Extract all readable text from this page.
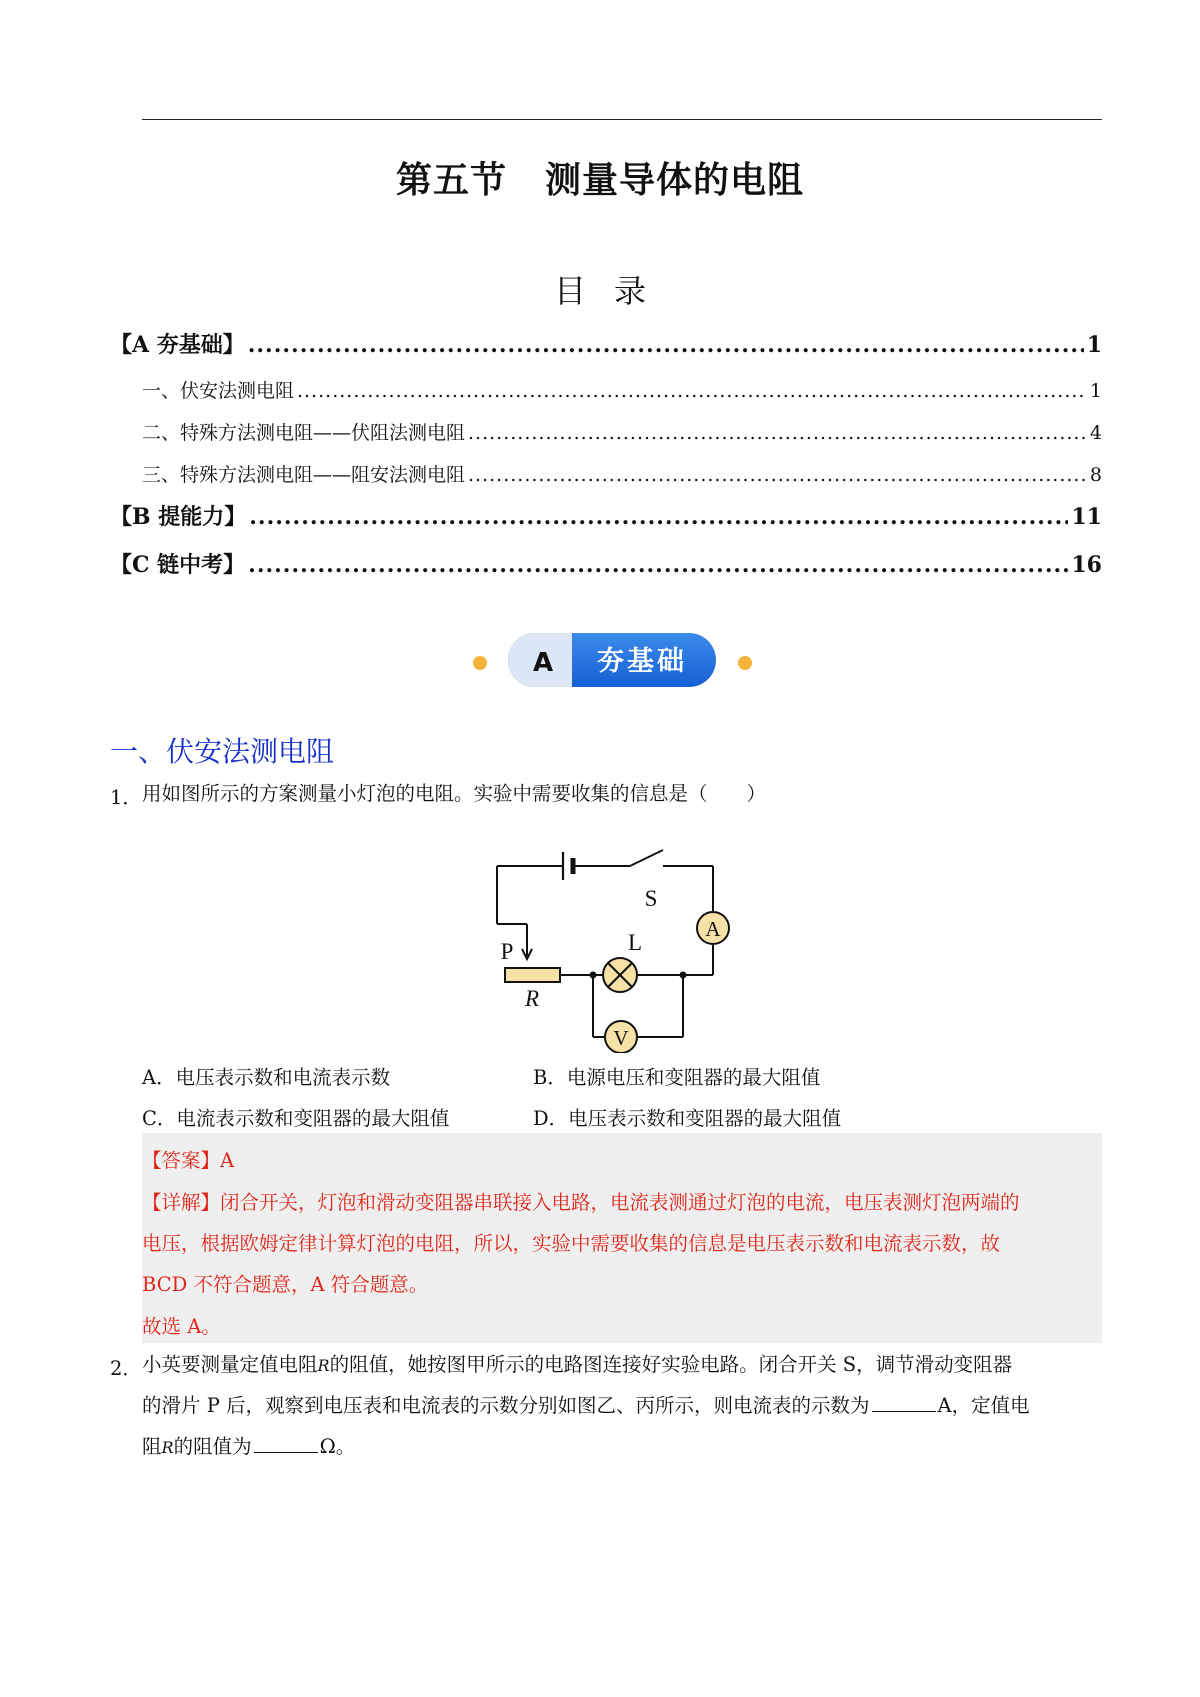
第五节 测量导体的电阻
目录
【A 夯基础】 .....	1
一、伏安法测电阻 .....	1
二、特殊方法测电阻——伏阻法测电阻 .....	4
三、特殊方法测电阻——阻安法测电阻 .....	8
【B 提能力】 .....	11
【C 链中考】 .....	16
A 夯基础
一、伏安法测电阻
1． 用如图所示的方案测量小灯泡的电阻。实验中需要收集的信息是（　　）
A
V
S
L
P
R
A．电压表示数和电流表示数	B．电源电压和变阻器的最大阻值
C．电流表示数和变阻器的最大阻值	D．电压表示数和变阻器的最大阻值
【答案】A
【详解】闭合开关，灯泡和滑动变阻器串联接入电路，电流表测通过灯泡的电流，电压表测灯泡两端的
电压，根据欧姆定律计算灯泡的电阻，所以，实验中需要收集的信息是电压表示数和电流表示数，故
BCD 不符合题意，A 符合题意。
故选 A。
2． 小英要测量定值电阻R的阻值，她按图甲所示的电路图连接好实验电路。闭合开关 S，调节滑动变阻器
的滑片 P 后，观察到电压表和电流表的示数分别如图乙、丙所示，则电流表的示数为	A，定值电
阻R的阻值为	Ω。
